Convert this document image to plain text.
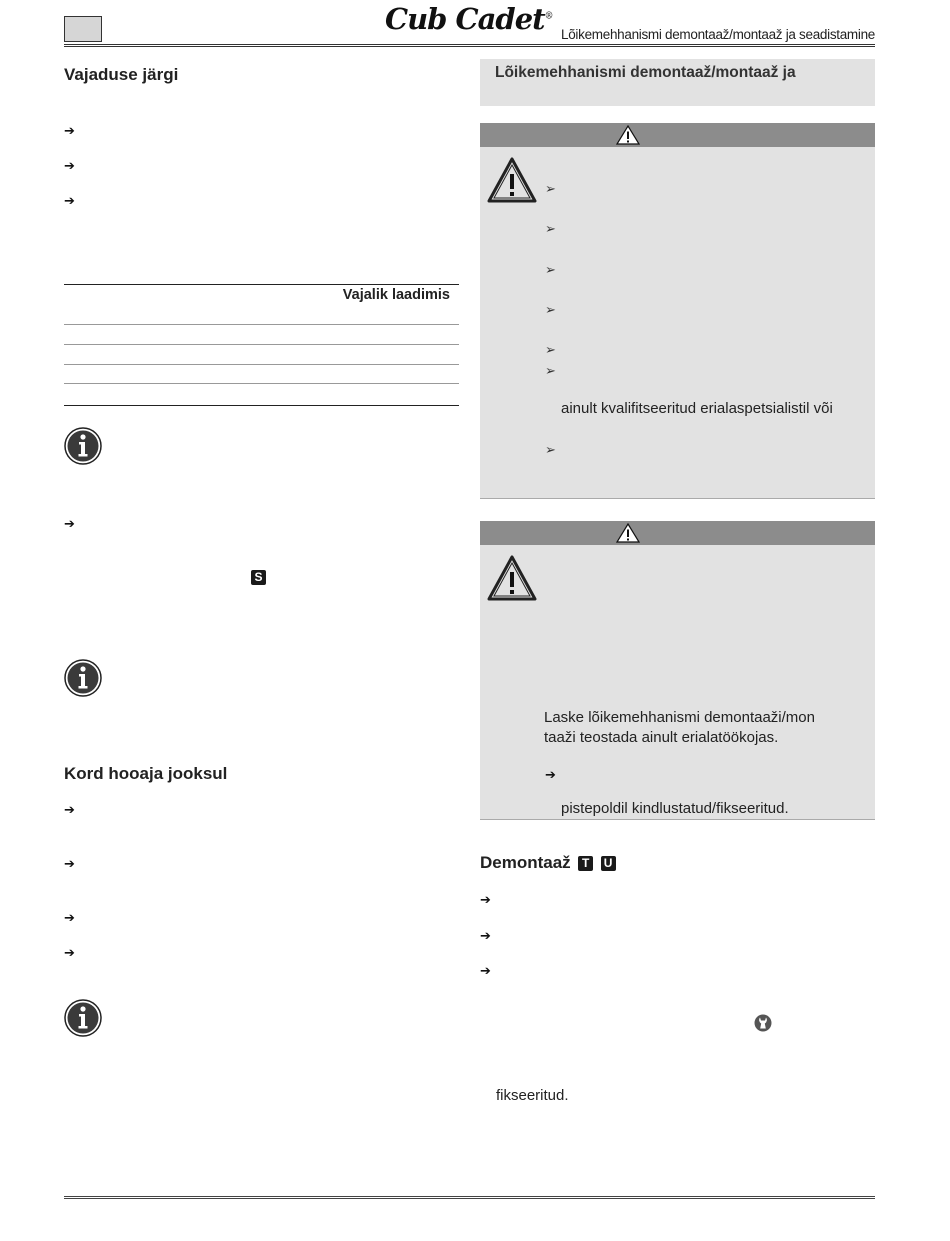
Cub Cadet®
Lõikemehhanismi demontaaž/montaaž ja seadistamine
Vajaduse järgi
➔
➔
➔
Vajalik laadimis
➔
S
Kord hooaja jooksul
➔
➔
➔
➔
Lõikemehhanismi demontaaž/montaaž ja
➢
➢
➢
➢
➢
➢
ainult kvalifitseeritud erialaspetsialistil või
➢
Laske lõikemehhanismi demontaaži/mon
taaži teostada ainult erialatöökojas.
➔
pistepoldil kindlustatud/fikseeritud.
Demontaaž T U
➔
➔
➔
fikseeritud.
